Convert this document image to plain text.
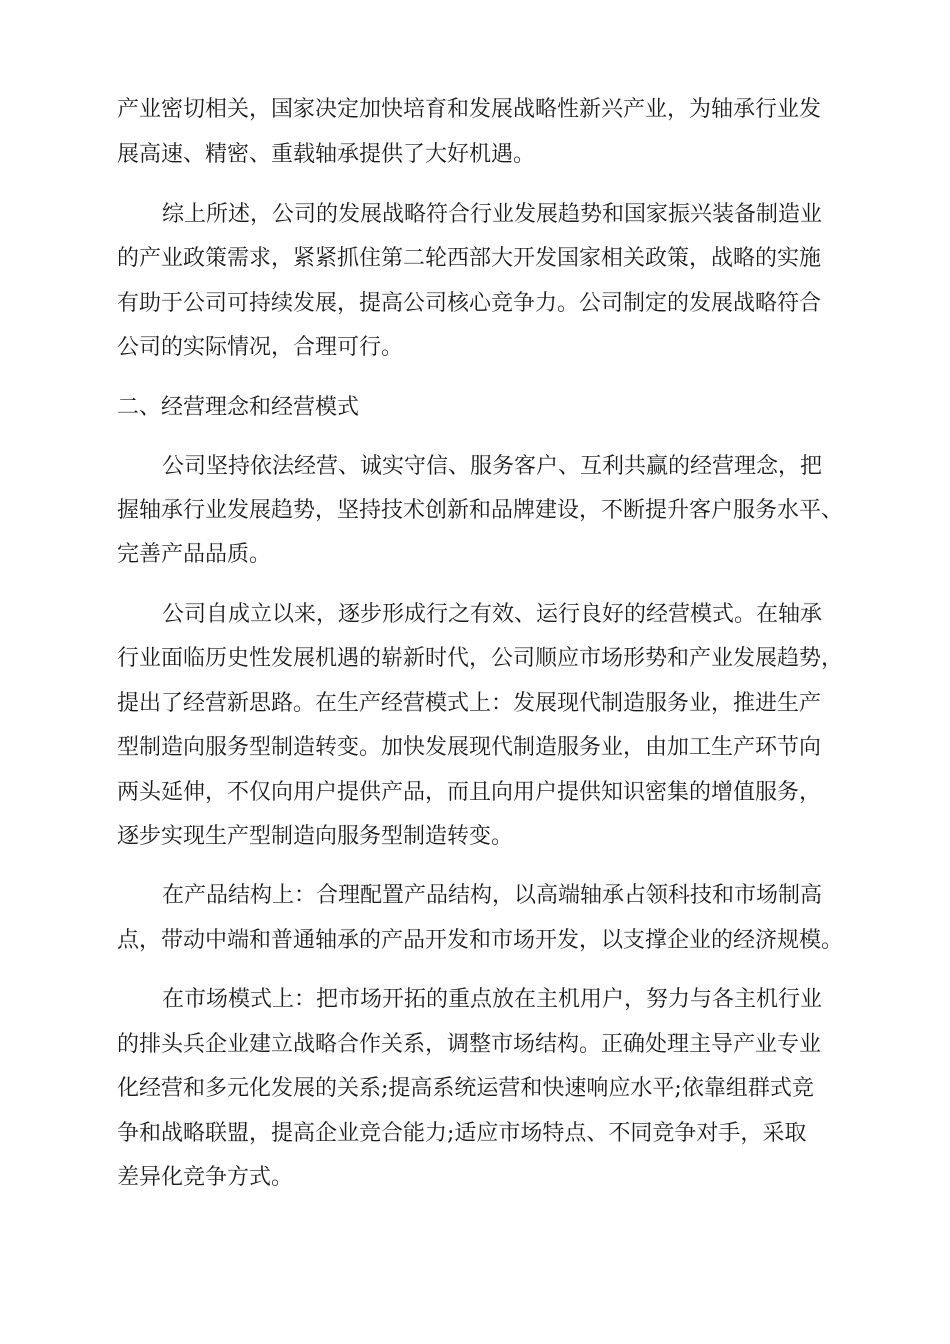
产业密切相关，国家决定加快培育和发展战略性新兴产业，为轴承行业发
展高速、精密、重载轴承提供了大好机遇。
综上所述，公司的发展战略符合行业发展趋势和国家振兴装备制造业
的产业政策需求，紧紧抓住第二轮西部大开发国家相关政策，战略的实施
有助于公司可持续发展，提高公司核心竞争力。公司制定的发展战略符合
公司的实际情况，合理可行。
二、经营理念和经营模式
公司坚持依法经营、诚实守信、服务客户、互利共赢的经营理念，把
握轴承行业发展趋势，坚持技术创新和品牌建设，不断提升客户服务水平、
完善产品品质。
公司自成立以来，逐步形成行之有效、运行良好的经营模式。在轴承
行业面临历史性发展机遇的崭新时代，公司顺应市场形势和产业发展趋势，
提出了经营新思路。在生产经营模式上：发展现代制造服务业，推进生产
型制造向服务型制造转变。加快发展现代制造服务业，由加工生产环节向
两头延伸，不仅向用户提供产品，而且向用户提供知识密集的增值服务，
逐步实现生产型制造向服务型制造转变。
在产品结构上：合理配置产品结构，以高端轴承占领科技和市场制高
点，带动中端和普通轴承的产品开发和市场开发，以支撑企业的经济规模。
在市场模式上：把市场开拓的重点放在主机用户，努力与各主机行业
的排头兵企业建立战略合作关系，调整市场结构。正确处理主导产业专业
化经营和多元化发展的关系;提高系统运营和快速响应水平;依靠组群式竞
争和战略联盟，提高企业竞合能力;适应市场特点、不同竞争对手，采取
差异化竞争方式。
